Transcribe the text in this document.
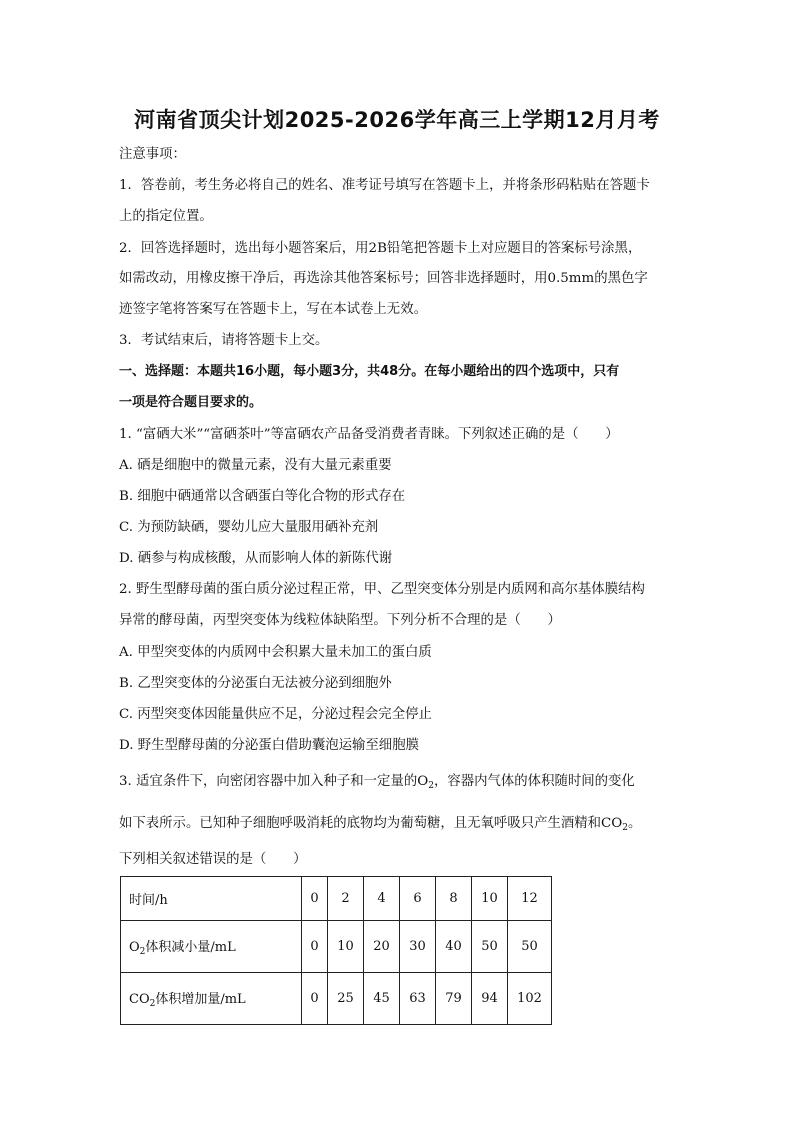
河南省顶尖计划2025-2026学年高三上学期12月月考
注意事项：
1．答卷前，考生务必将自己的姓名、准考证号填写在答题卡上，并将条形码粘贴在答题卡
上的指定位置。
2．回答选择题时，选出每小题答案后，用2B铅笔把答题卡上对应题目的答案标号涂黑，
如需改动，用橡皮擦干净后，再选涂其他答案标号；回答非选择题时，用0.5mm的黑色字
迹签字笔将答案写在答题卡上，写在本试卷上无效。
3．考试结束后，请将答题卡上交。
一、选择题：本题共16小题，每小题3分，共48分。在每小题给出的四个选项中，只有
一项是符合题目要求的。
1. “富硒大米”“富硒茶叶”等富硒农产品备受消费者青睐。下列叙述正确的是（　　）
A. 硒是细胞中的微量元素，没有大量元素重要
B. 细胞中硒通常以含硒蛋白等化合物的形式存在
C. 为预防缺硒，婴幼儿应大量服用硒补充剂
D. 硒参与构成核酸，从而影响人体的新陈代谢
2. 野生型酵母菌的蛋白质分泌过程正常，甲、乙型突变体分别是内质网和高尔基体膜结构
异常的酵母菌，丙型突变体为线粒体缺陷型。下列分析不合理的是（　　）
A. 甲型突变体的内质网中会积累大量未加工的蛋白质
B. 乙型突变体的分泌蛋白无法被分泌到细胞外
C. 丙型突变体因能量供应不足，分泌过程会完全停止
D. 野生型酵母菌的分泌蛋白借助囊泡运输至细胞膜
3. 适宜条件下，向密闭容器中加入种子和一定量的$O_2$，容器内气体的体积随时间的变化
如下表所示。已知种子细胞呼吸消耗的底物均为葡萄糖，且无氧呼吸只产生酒精和$CO_2$。
下列相关叙述错误的是（　　）
时间/h	0	2	4	6	8	10	12
$O_2$体积减小量/mL	0	10	20	30	40	50	50
$CO_2$体积增加量/mL	0	25	45	63	79	94	102
